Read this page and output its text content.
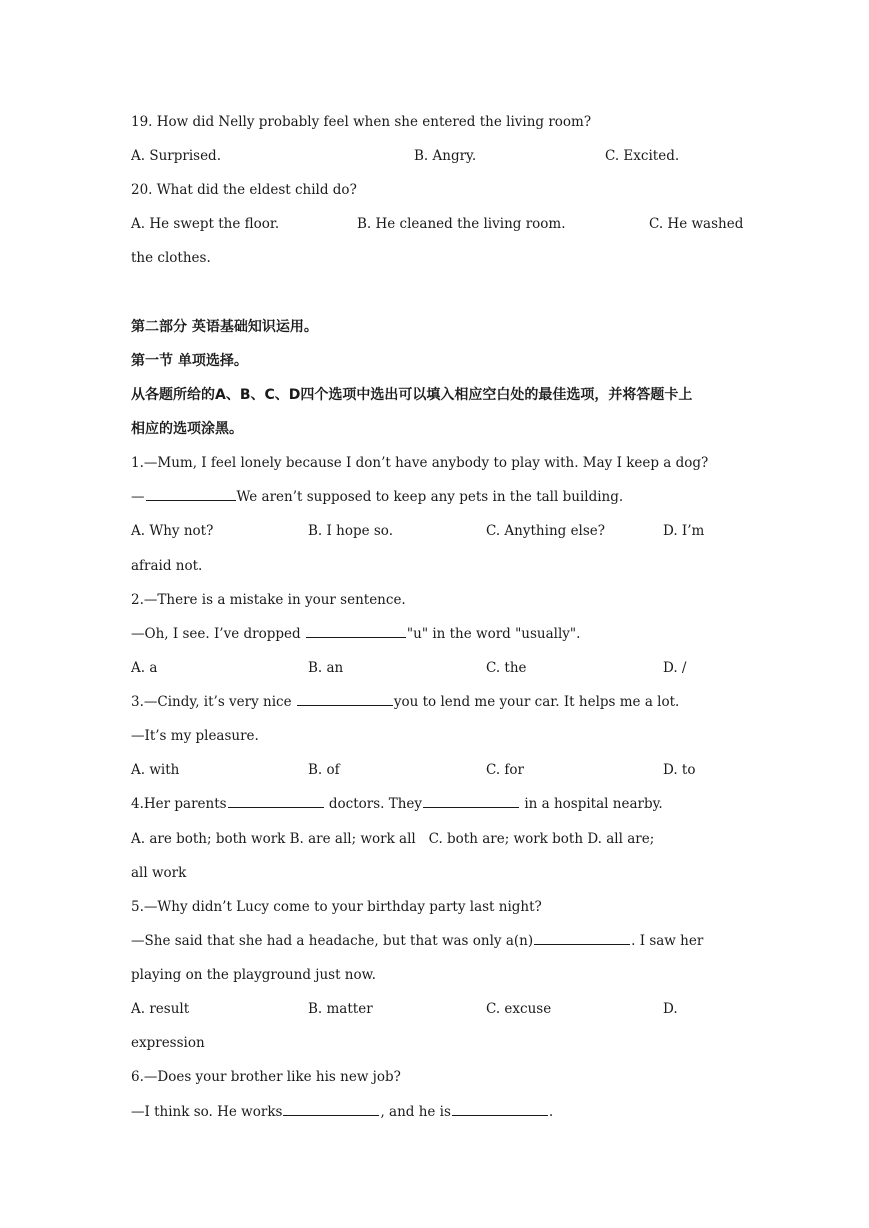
19. How did Nelly probably feel when she entered the living room?

A. Surprised.

	B. Angry.

	C. Excited.

20. What did the eldest child do?

A. He swept the floor.

	B. He cleaned the living room.

	C. He washed

the clothes.
第二部分 英语基础知识运用。
第一节 单项选择。
从各题所给的A、B、C、D四个选项中选出可以填入相应空白处的最佳选项，并将答题卡上
相应的选项涂黑。
1.—Mum, I feel lonely because I don’t have anybody to play with. May I keep a dog?
—	We aren’t supposed to keep any pets in the tall building.

A. Why not?

	B. I hope so.

	C. Anything else?

	D. I’m

afraid not.
2.—There is a mistake in your sentence.
—Oh, I see. I’ve dropped	"u" in the word "usually".

A. a

	B. an

	C. the

	D. /

3.—Cindy, it’s very nice	you to lend me your car. It helps me a lot.
—It’s my pleasure.

A. with

	B. of

	C. for

	D. to

4.Her parents	doctors. They	in a hospital nearby.
A. are both; both work B. are all; work all   C. both are; work both D. all are;
all work
5.—Why didn’t Lucy come to your birthday party last night?
—She said that she had a headache, but that was only a(n)	. I saw her
playing on the playground just now.

A. result

	B. matter

	C. excuse

	D.

expression
6.—Does your brother like his new job?
—I think so. He works	, and he is	.
